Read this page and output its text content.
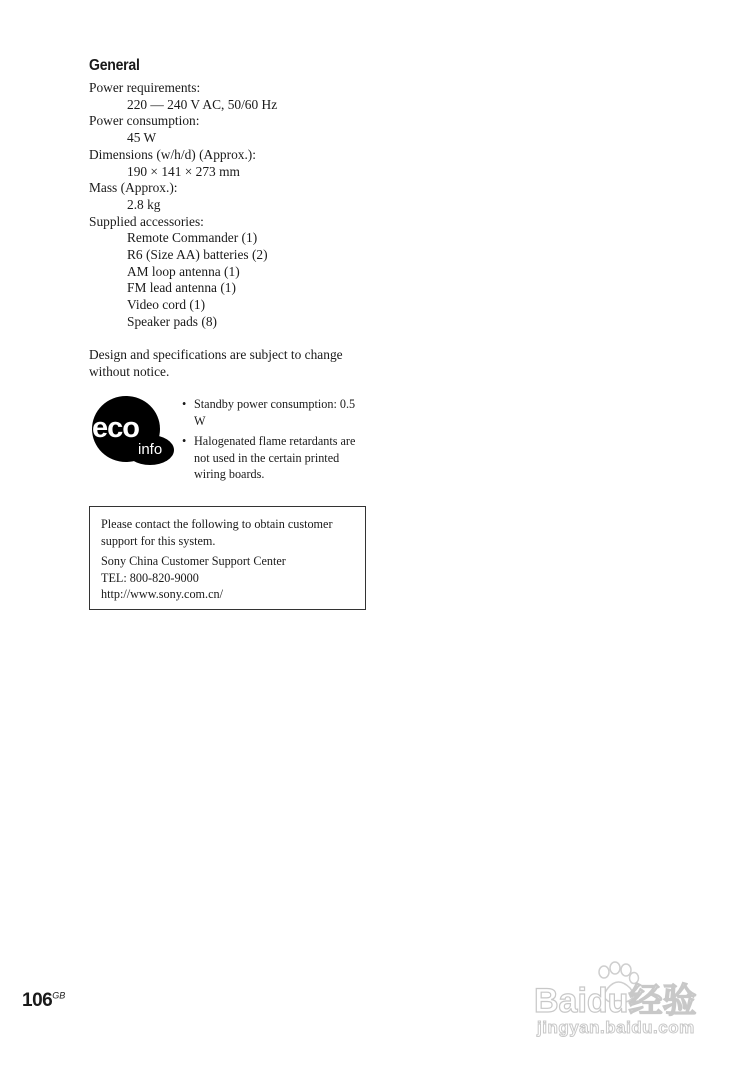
General
Power requirements:
220 — 240 V AC, 50/60 Hz
Power consumption:
45 W
Dimensions (w/h/d) (Approx.):
190 × 141 × 273 mm
Mass (Approx.):
2.8 kg
Supplied accessories:
Remote Commander (1)
R6 (Size AA) batteries (2)
AM loop antenna (1)
FM lead antenna (1)
Video cord (1)
Speaker pads (8)

Design and specifications are subject to change without notice.

eco
info
• Standby power consumption: 0.5 W
• Halogenated flame retardants are not used in the certain printed wiring boards.

Please contact the following to obtain customer support for this system.

Sony China Customer Support Center

TEL: 800-820-9000

http://www.sony.com.cn/

$106^{GB}$	Baidu经验
jingyan.baidu.com
